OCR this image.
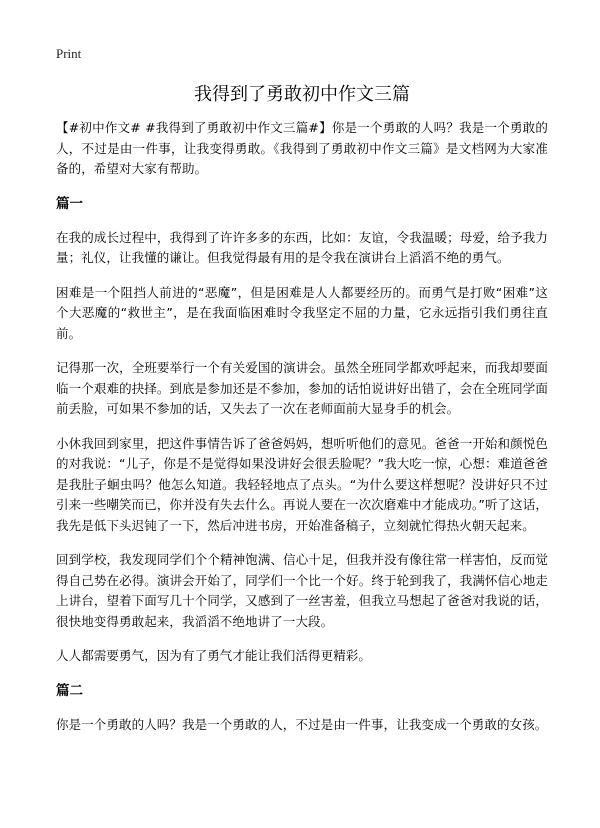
Print

我得到了勇敢初中作文三篇

【#初中作文# #我得到了勇敢初中作文三篇#】你是一个勇敢的人吗？我是一个勇敢的人，不过是由一件事，让我变得勇敢。《我得到了勇敢初中作文三篇》是文档网为大家准备的，希望对大家有帮助。

篇一

在我的成长过程中，我得到了许许多多的东西，比如：友谊，令我温暖；母爱，给予我力量；礼仪，让我懂的谦让。但我觉得最有用的是令我在演讲台上滔滔不绝的勇气。

困难是一个阻挡人前进的“恶魔”，但是困难是人人都要经历的。而勇气是打败“困难”这个大恶魔的“救世主”，是在我面临困难时令我坚定不屈的力量，它永远指引我们勇往直前。

记得那一次，全班要举行一个有关爱国的演讲会。虽然全班同学都欢呼起来，而我却要面临一个艰难的抉择。到底是参加还是不参加，参加的话怕说讲好出错了，会在全班同学面前丢脸，可如果不参加的话，又失去了一次在老师面前大显身手的机会。

小休我回到家里，把这件事情告诉了爸爸妈妈，想听听他们的意见。爸爸一开始和颜悦色的对我说：“儿子，你是不是觉得如果没讲好会很丢脸呢？”我大吃一惊，心想：难道爸爸是我肚子蛔虫吗？他怎么知道。我轻轻地点了点头。“为什么要这样想呢？没讲好只不过引来一些嘲笑而已，你并没有失去什么。再说人要在一次次磨难中才能成功。”听了这话，我先是低下头迟钝了一下，然后冲进书房，开始准备稿子，立刻就忙得热火朝天起来。

回到学校，我发现同学们个个精神饱满、信心十足，但我并没有像往常一样害怕，反而觉得自己势在必得。演讲会开始了，同学们一个比一个好。终于轮到我了，我满怀信心地走上讲台，望着下面写几十个同学，又感到了一丝害羞，但我立马想起了爸爸对我说的话，很快地变得勇敢起来，我滔滔不绝地讲了一大段。

人人都需要勇气，因为有了勇气才能让我们活得更精彩。

篇二

你是一个勇敢的人吗？我是一个勇敢的人，不过是由一件事，让我变成一个勇敢的女孩。
